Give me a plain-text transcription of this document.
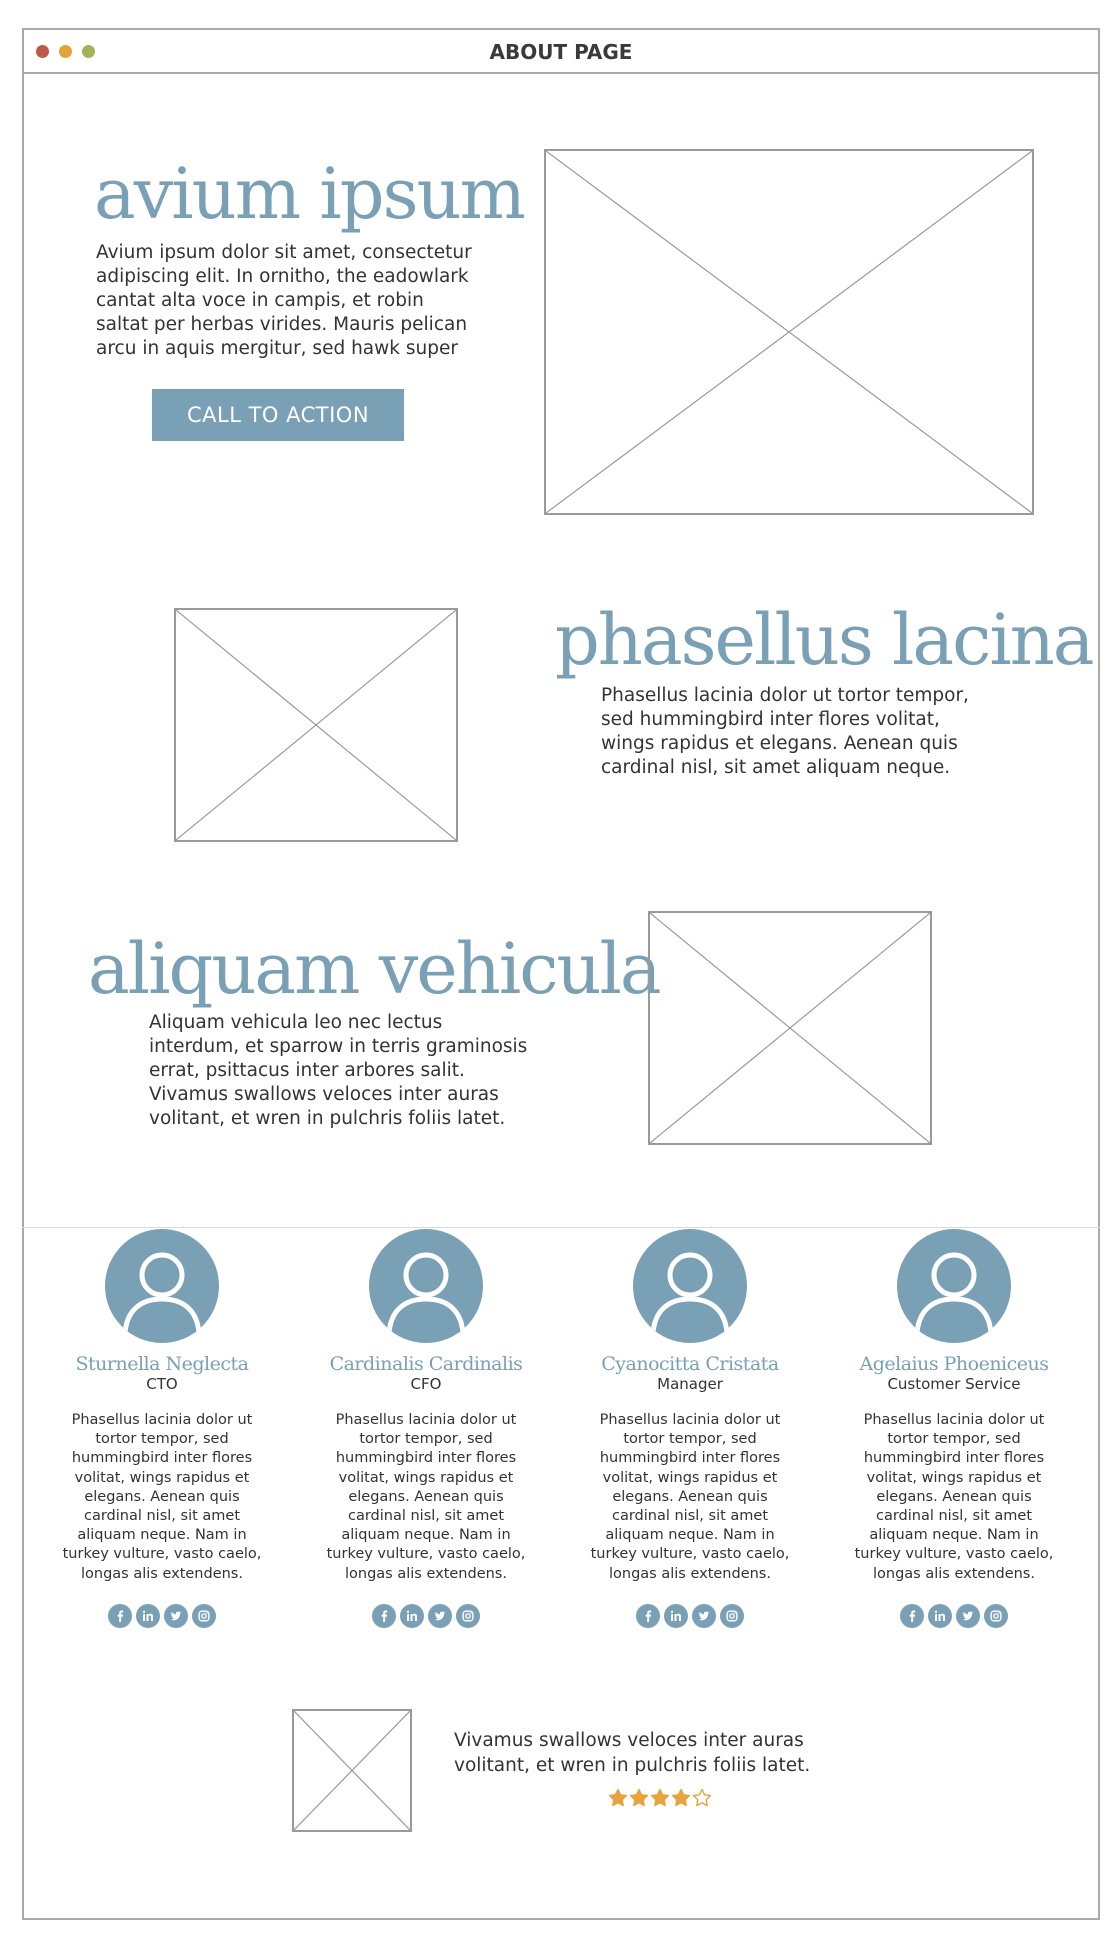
ABOUT PAGE
avium ipsum
Avium ipsum dolor sit amet, consectetur
adipiscing elit. In ornitho, the eadowlark
cantat alta voce in campis, et robin
saltat per herbas virides. Mauris pelican
arcu in aquis mergitur, sed hawk super
CALL TO ACTION
phasellus lacina
Phasellus lacinia dolor ut tortor tempor,
sed hummingbird inter flores volitat,
wings rapidus et elegans. Aenean quis
cardinal nisl, sit amet aliquam neque.
aliquam vehicula
Aliquam vehicula leo nec lectus
interdum, et sparrow in terris graminosis
errat, psittacus inter arbores salit.
Vivamus swallows veloces inter auras
volitant, et wren in pulchris foliis latet.
Sturnella Neglecta
CTO
Phasellus lacinia dolor ut
tortor tempor, sed
hummingbird inter flores
volitat, wings rapidus et
elegans. Aenean quis
cardinal nisl, sit amet
aliquam neque. Nam in
turkey vulture, vasto caelo,
longas alis extendens.
Cardinalis Cardinalis
CFO
Phasellus lacinia dolor ut
tortor tempor, sed
hummingbird inter flores
volitat, wings rapidus et
elegans. Aenean quis
cardinal nisl, sit amet
aliquam neque. Nam in
turkey vulture, vasto caelo,
longas alis extendens.
Cyanocitta Cristata
Manager
Phasellus lacinia dolor ut
tortor tempor, sed
hummingbird inter flores
volitat, wings rapidus et
elegans. Aenean quis
cardinal nisl, sit amet
aliquam neque. Nam in
turkey vulture, vasto caelo,
longas alis extendens.
Agelaius Phoeniceus
Customer Service
Phasellus lacinia dolor ut
tortor tempor, sed
hummingbird inter flores
volitat, wings rapidus et
elegans. Aenean quis
cardinal nisl, sit amet
aliquam neque. Nam in
turkey vulture, vasto caelo,
longas alis extendens.
Vivamus swallows veloces inter auras
volitant, et wren in pulchris foliis latet.
